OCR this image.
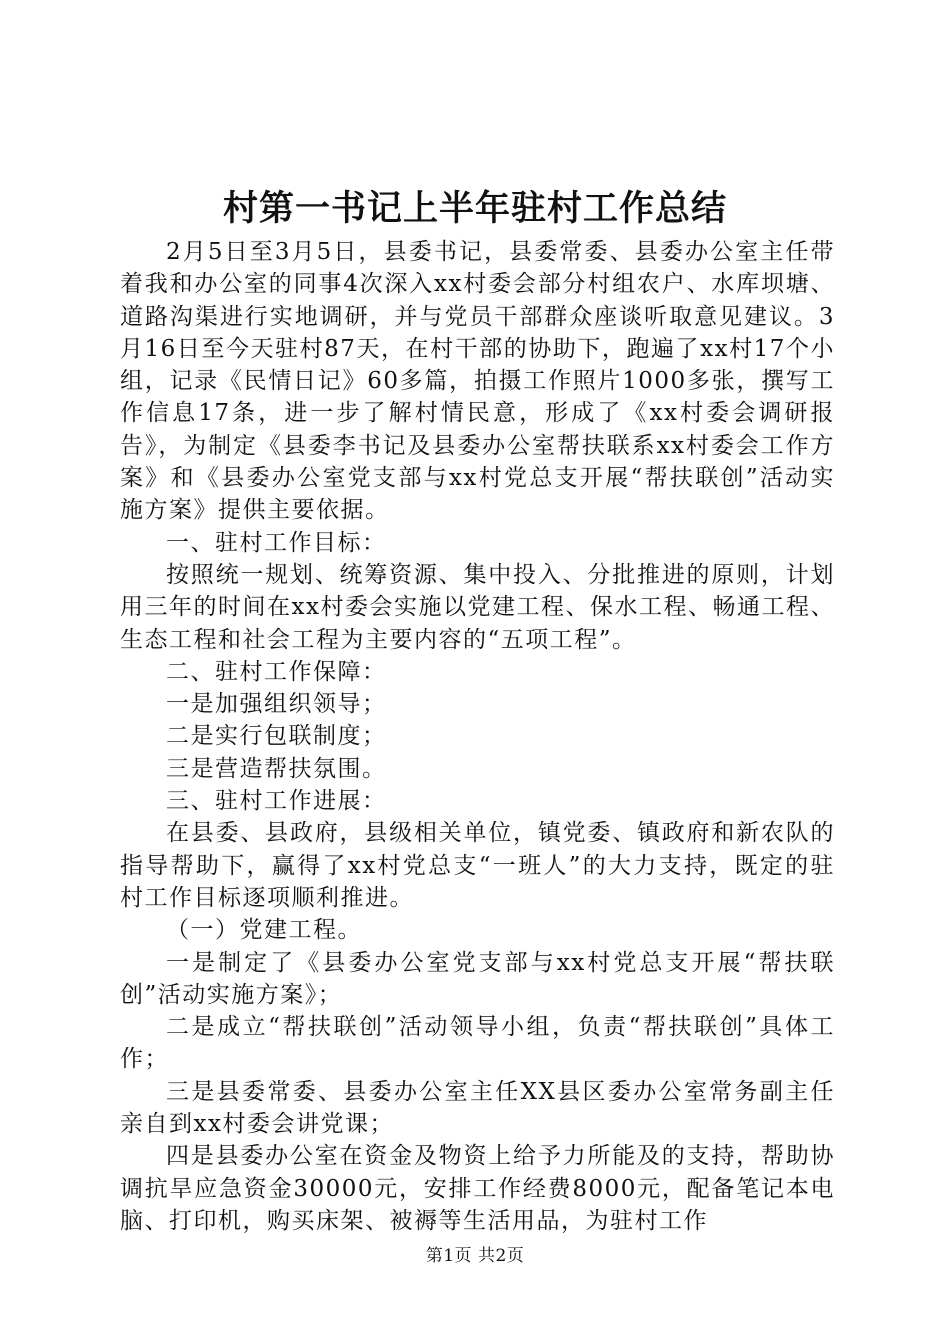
村第一书记上半年驻村工作总结

2月5日至3月5日，县委书记，县委常委、县委办公室主任带着我和办公室的同事4次深入xx村委会部分村组农户、水库坝塘、道路沟渠进行实地调研，并与党员干部群众座谈听取意见建议。3月16日至今天驻村87天，在村干部的协助下，跑遍了xx村17个小组，记录《民情日记》60多篇，拍摄工作照片1000多张，撰写工作信息17条，进一步了解村情民意，形成了《xx村委会调研报告》，为制定《县委李书记及县委办公室帮扶联系xx村委会工作方案》和《县委办公室党支部与xx村党总支开展“帮扶联创”活动实施方案》提供主要依据。

一、驻村工作目标：

按照统一规划、统筹资源、集中投入、分批推进的原则，计划用三年的时间在xx村委会实施以党建工程、保水工程、畅通工程、生态工程和社会工程为主要内容的“五项工程”。

二、驻村工作保障：

一是加强组织领导；

二是实行包联制度；

三是营造帮扶氛围。

三、驻村工作进展：

在县委、县政府，县级相关单位，镇党委、镇政府和新农队的指导帮助下，赢得了xx村党总支“一班人”的大力支持，既定的驻村工作目标逐项顺利推进。

（一）党建工程。

一是制定了《县委办公室党支部与xx村党总支开展“帮扶联创”活动实施方案》；

二是成立“帮扶联创”活动领导小组，负责“帮扶联创”具体工作；

三是县委常委、县委办公室主任XX县区委办公室常务副主任亲自到xx村委会讲党课；

四是县委办公室在资金及物资上给予力所能及的支持，帮助协调抗旱应急资金30000元，安排工作经费8000元，配备笔记本电脑、打印机，购买床架、被褥等生活用品，为驻村工作

第1页 共2页
